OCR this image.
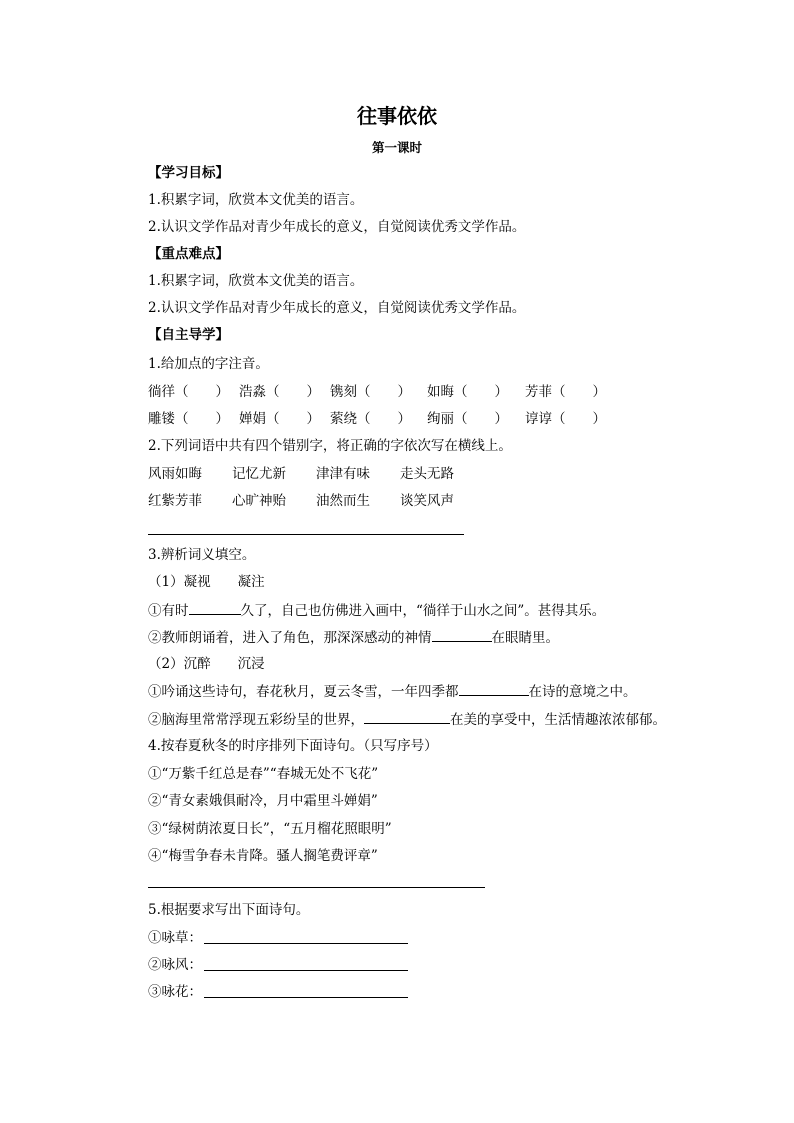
往事依依
第一课时
【学习目标】
1.积累字词，欣赏本文优美的语言。
2.认识文学作品对青少年成长的意义，自觉阅读优秀文学作品。
【重点难点】
1.积累字词，欣赏本文优美的语言。
2.认识文学作品对青少年成长的意义，自觉阅读优秀文学作品。
【自主导学】
1.给加点的字注音。
徜徉（　　） 浩淼（　　） 镌刻（　　） 如晦（　　） 芳菲（　　）
雕镂（　　） 婵娟（　　） 萦绕（　　） 绚丽（　　） 谆谆（　　）
2.下列词语中共有四个错别字，将正确的字依次写在横线上。
风雨如晦 记忆尤新 津津有味 走头无路
红紫芳菲 心旷神贻 油然而生 谈笑风声
3.辨析词义填空。
（1）凝视　　凝注
①有时	久了，自己也仿佛进入画中，“徜徉于山水之间”。甚得其乐。
②教师朗诵着，进入了角色，那深深感动的神情	在眼睛里。
（2）沉醉　　沉浸
①吟诵这些诗句，春花秋月，夏云冬雪，一年四季都	在诗的意境之中。
②脑海里常常浮现五彩纷呈的世界，	在美的享受中，生活情趣浓浓郁郁。
4.按春夏秋冬的时序排列下面诗句。（只写序号）
①“万紫千红总是春”“春城无处不飞花”
②“青女素娥俱耐冷，月中霜里斗婵娟”
③“绿树荫浓夏日长”，“五月榴花照眼明”
④“梅雪争春未肯降。骚人搁笔费评章”
5.根据要求写出下面诗句。
①咏草：
②咏风：
③咏花：
